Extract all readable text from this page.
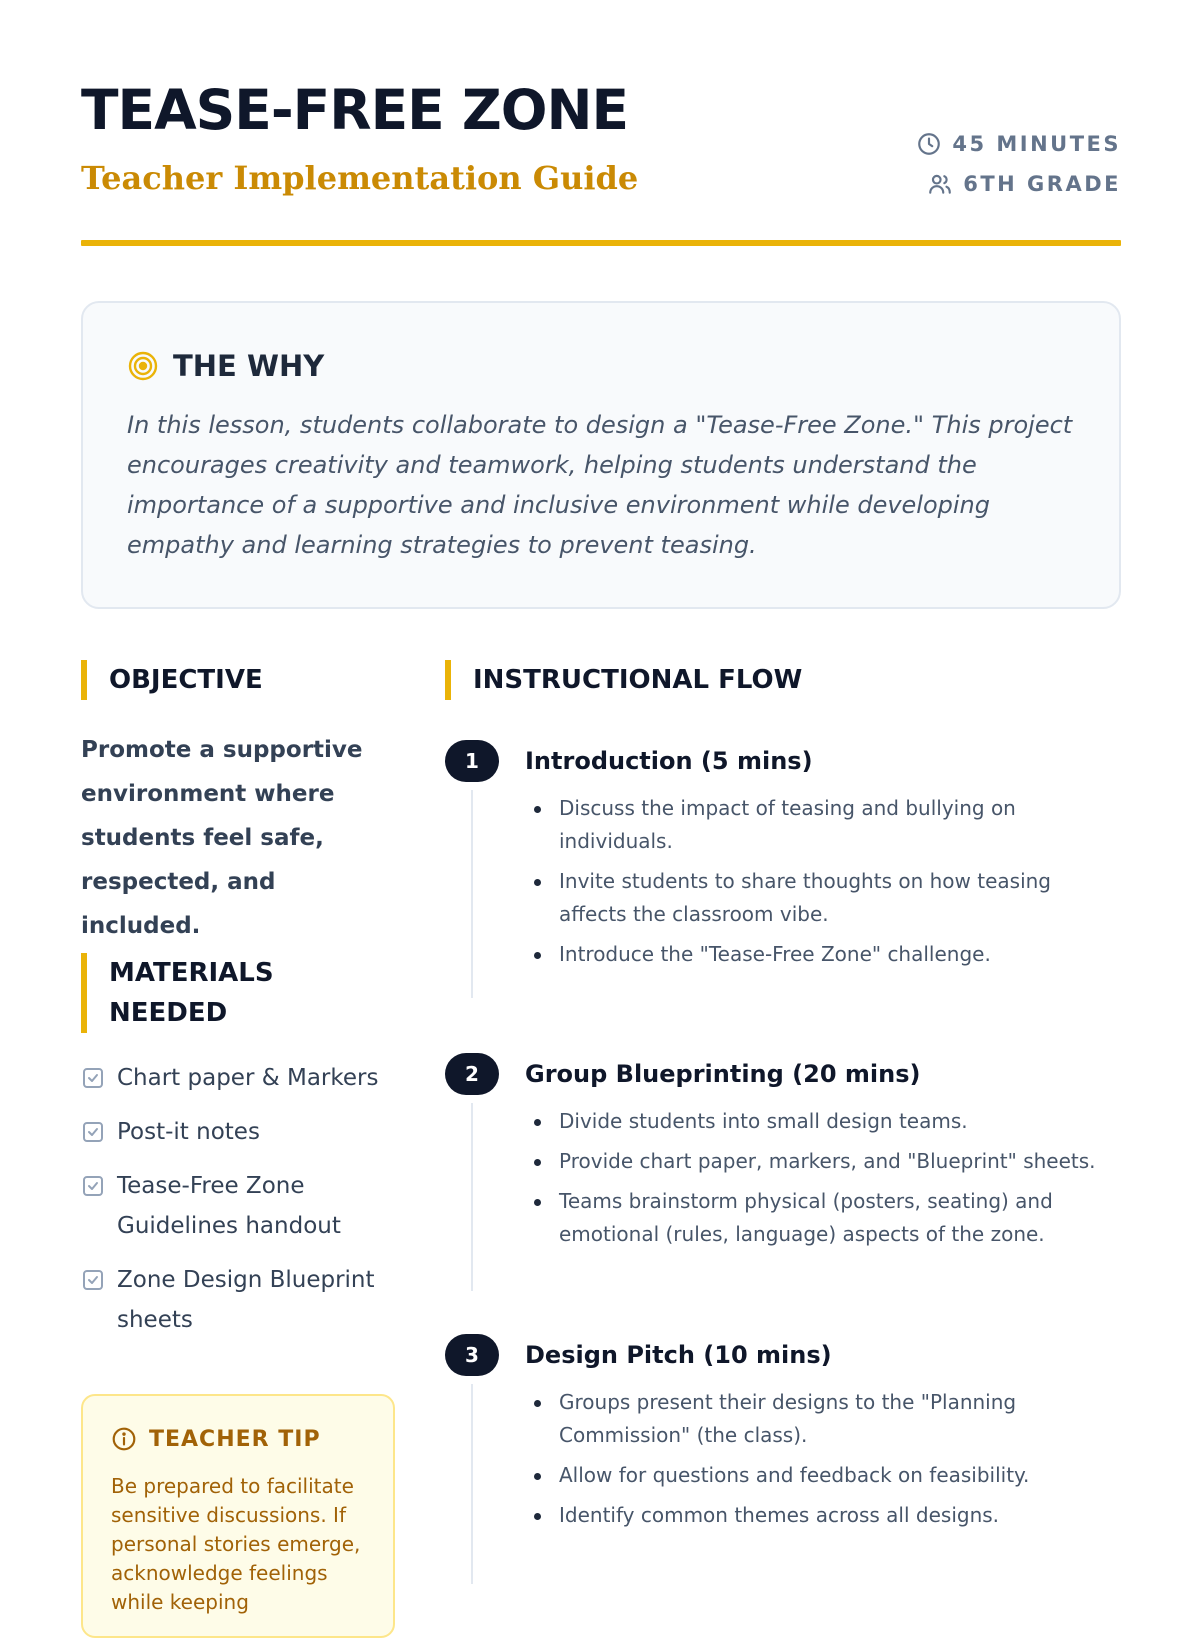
TEASE-FREE ZONE
Teacher Implementation Guide
45 MINUTES
6TH GRADE
THE WHY

In this lesson, students collaborate to design a "Tease-Free Zone." This project encourages creativity and teamwork, helping students understand the importance of a supportive and inclusive environment while developing empathy and learning strategies to prevent teasing.

OBJECTIVE

Promote a supportive environment where students feel safe, respected, and included.

MATERIALS NEEDED
Chart paper & Markers
Post-it notes
Tease-Free Zone Guidelines handout
Zone Design Blueprint sheets
TEACHER TIP

Be prepared to facilitate sensitive discussions. If personal stories emerge, acknowledge feelings while keeping

INSTRUCTIONAL FLOW
1	Introduction (5 mins)
Discuss the impact of teasing and bullying on individuals.
Invite students to share thoughts on how teasing affects the classroom vibe.
Introduce the "Tease-Free Zone" challenge.
2	Group Blueprinting (20 mins)
Divide students into small design teams.
Provide chart paper, markers, and "Blueprint" sheets.
Teams brainstorm physical (posters, seating) and emotional (rules, language) aspects of the zone.
3	Design Pitch (10 mins)
Groups present their designs to the "Planning Commission" (the class).
Allow for questions and feedback on feasibility.
Identify common themes across all designs.
